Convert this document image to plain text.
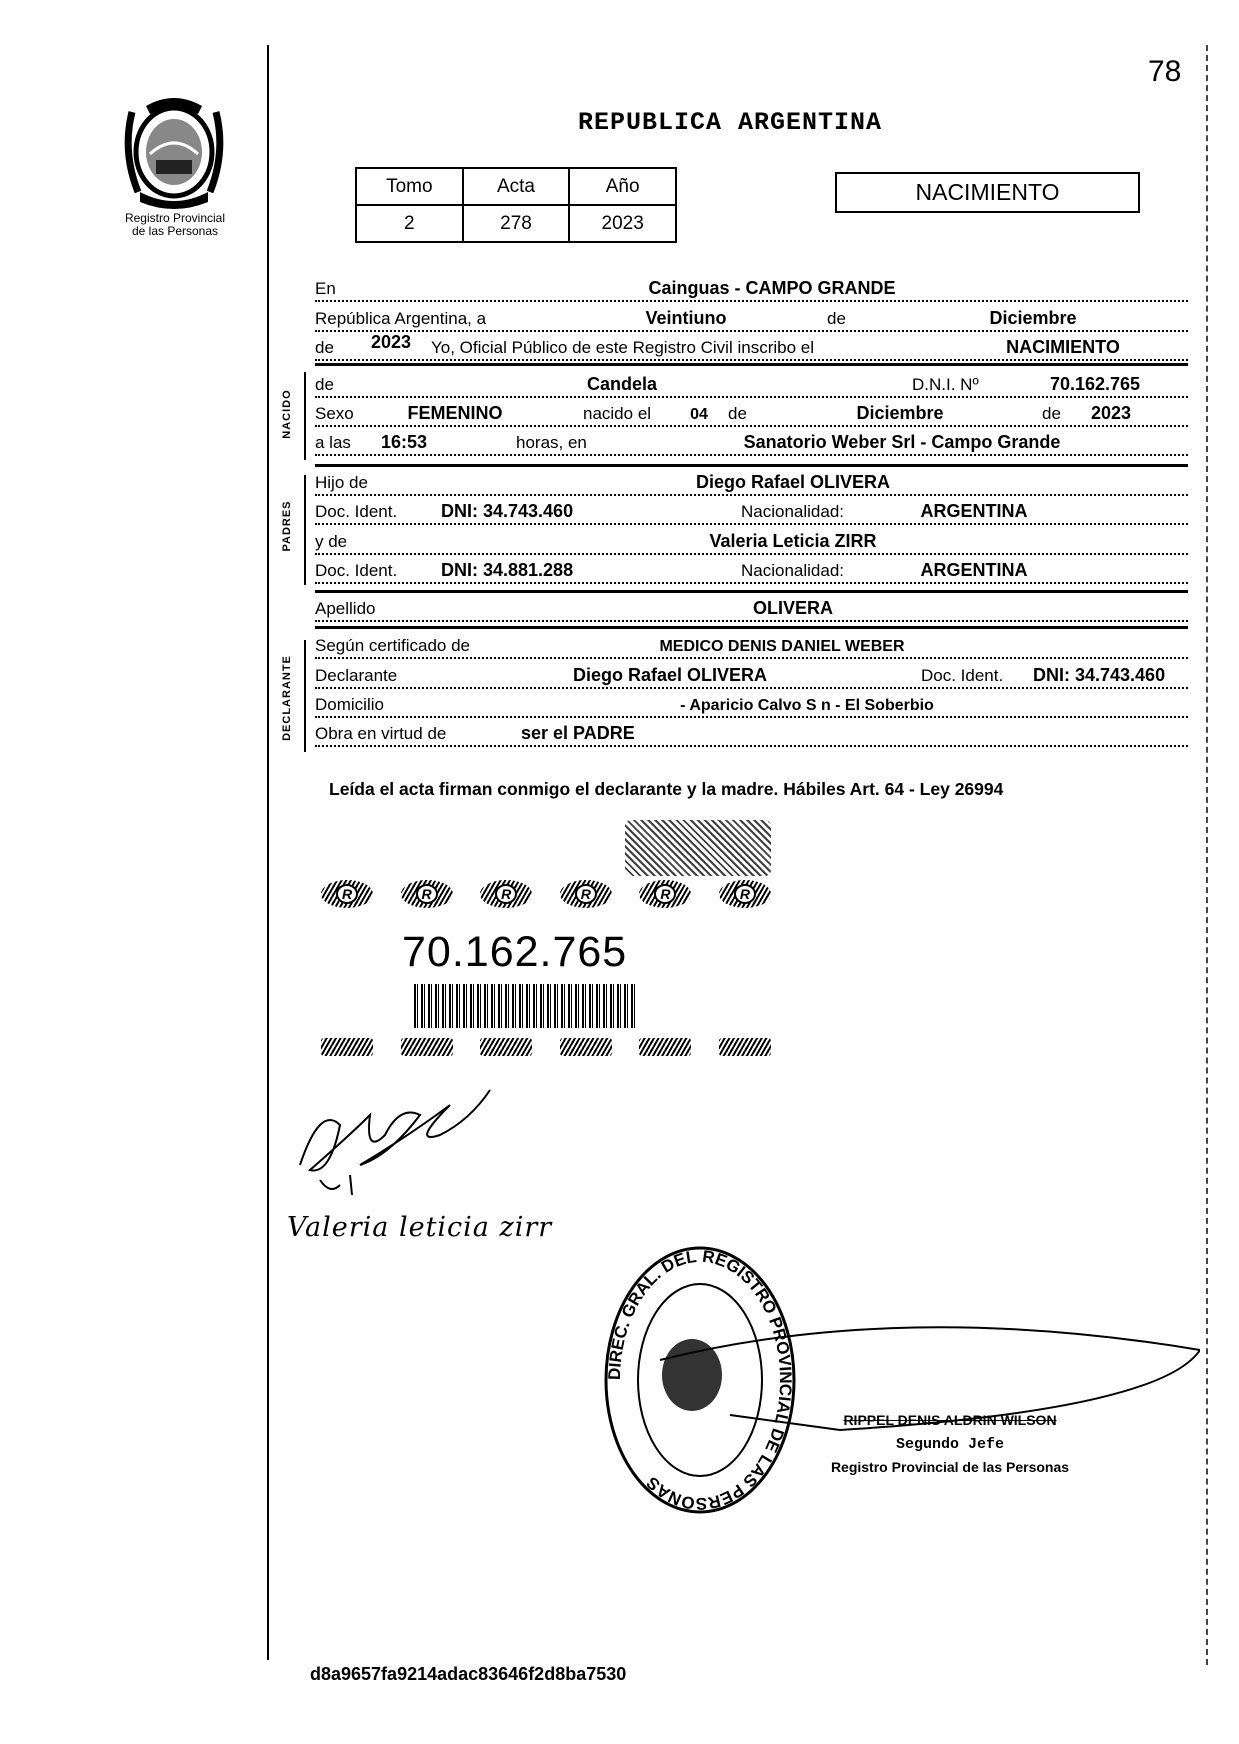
78
Registro Provincial
de las Personas
REPUBLICA ARGENTINA
Tomo	Acta	Año
2	278	2023
NACIMIENTO
En	Cainguas - CAMPO GRANDE
República Argentina, a	Veintiuno	de	Diciembre
de 2023 Yo, Oficial Público de este Registro Civil inscribo el	NACIMIENTO
NACIDO
de	Candela	D.N.I. Nº	70.162.765
Sexo	FEMENINO	nacido el 04 de	Diciembre	de 2023
a las 16:53	horas, en	Sanatorio Weber Srl - Campo Grande
PADRES
Hijo de	Diego Rafael OLIVERA
Doc. Ident. DNI: 34.743.460	Nacionalidad:	ARGENTINA
y de	Valeria Leticia ZIRR
Doc. Ident. DNI: 34.881.288	Nacionalidad:	ARGENTINA
Apellido	OLIVERA
DECLARANTE
Según certificado de	MEDICO DENIS DANIEL WEBER
Declarante	Diego Rafael OLIVERA	Doc. Ident. DNI: 34.743.460
Domicilio	- Aparicio Calvo S n - El Soberbio
Obra en virtud de	ser el PADRE
Leída el acta firman conmigo el declarante y la madre. Hábiles Art. 64 - Ley 26994
R	R	R	R	R	R
70.162.765
Valeria leticia zirr
DIREC. GRAL. DEL REGISTRO PROVINCIAL DE LAS PERSONAS
RIPPEL DENIS ALDRIN WILSON
Segundo Jefe
Registro Provincial de las Personas
d8a9657fa9214adac83646f2d8ba7530
